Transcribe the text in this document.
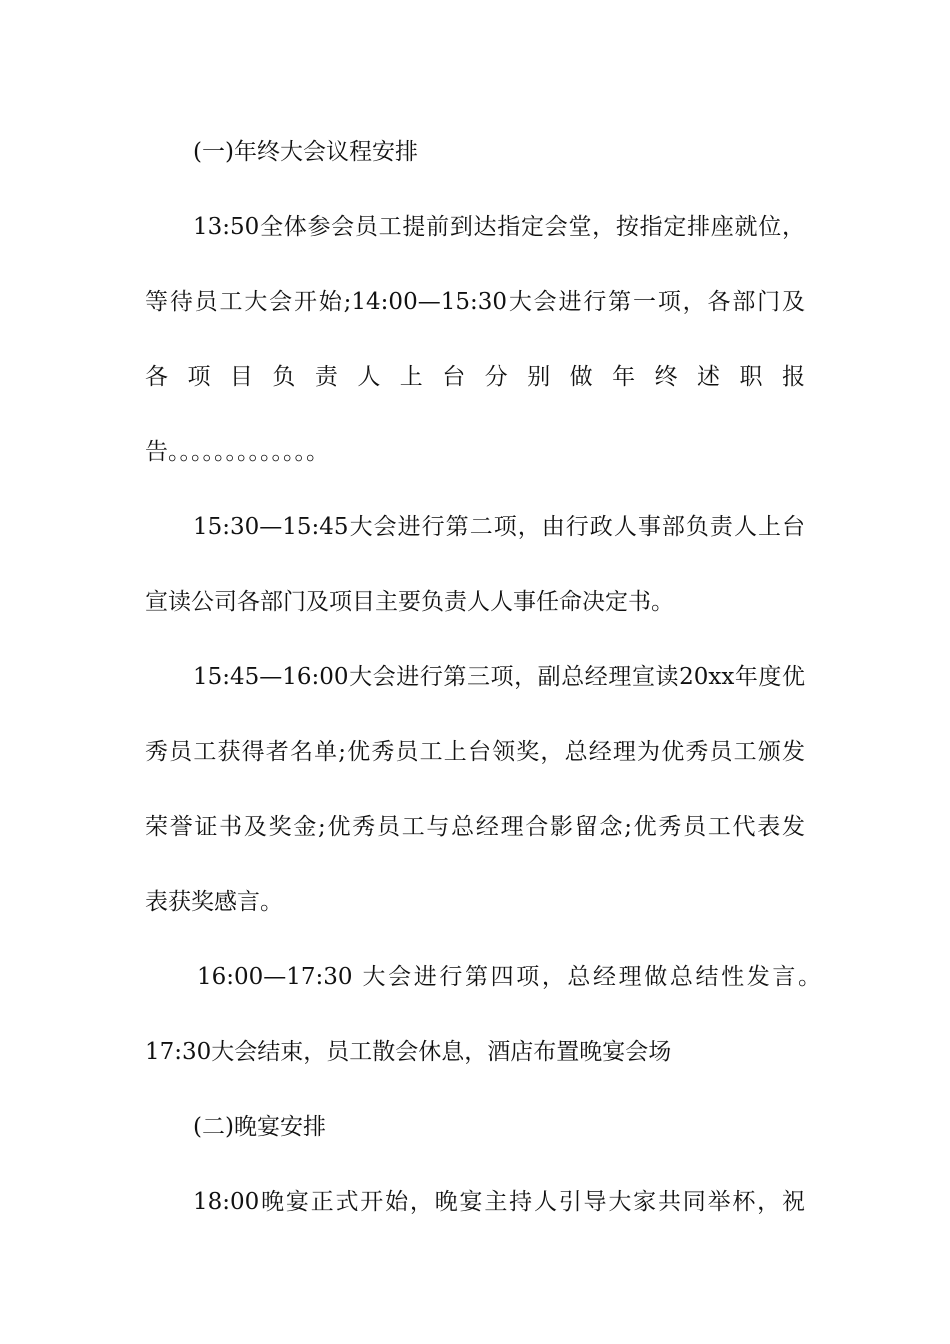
(一)年终大会议程安排
13:50全体参会员工提前到达指定会堂，按指定排座就位，
等待员工大会开始;14:00—15:30大会进行第一项，各部门及
各 项 目 负 责 人 上 台 分 别 做 年 终 述 职 报
告。。。。。。。。。。。。。
15:30—15:45大会进行第二项，由行政人事部负责人上台
宣读公司各部门及项目主要负责人人事任命决定书。
15:45—16:00大会进行第三项，副总经理宣读20xx年度优
秀员工获得者名单;优秀员工上台领奖，总经理为优秀员工颁发
荣誉证书及奖金;优秀员工与总经理合影留念;优秀员工代表发
表获奖感言。
16:00—17:30 大会进行第四项，总经理做总结性发言。
17:30大会结束，员工散会休息，酒店布置晚宴会场
(二)晚宴安排
18:00晚宴正式开始，晚宴主持人引导大家共同举杯，祝
